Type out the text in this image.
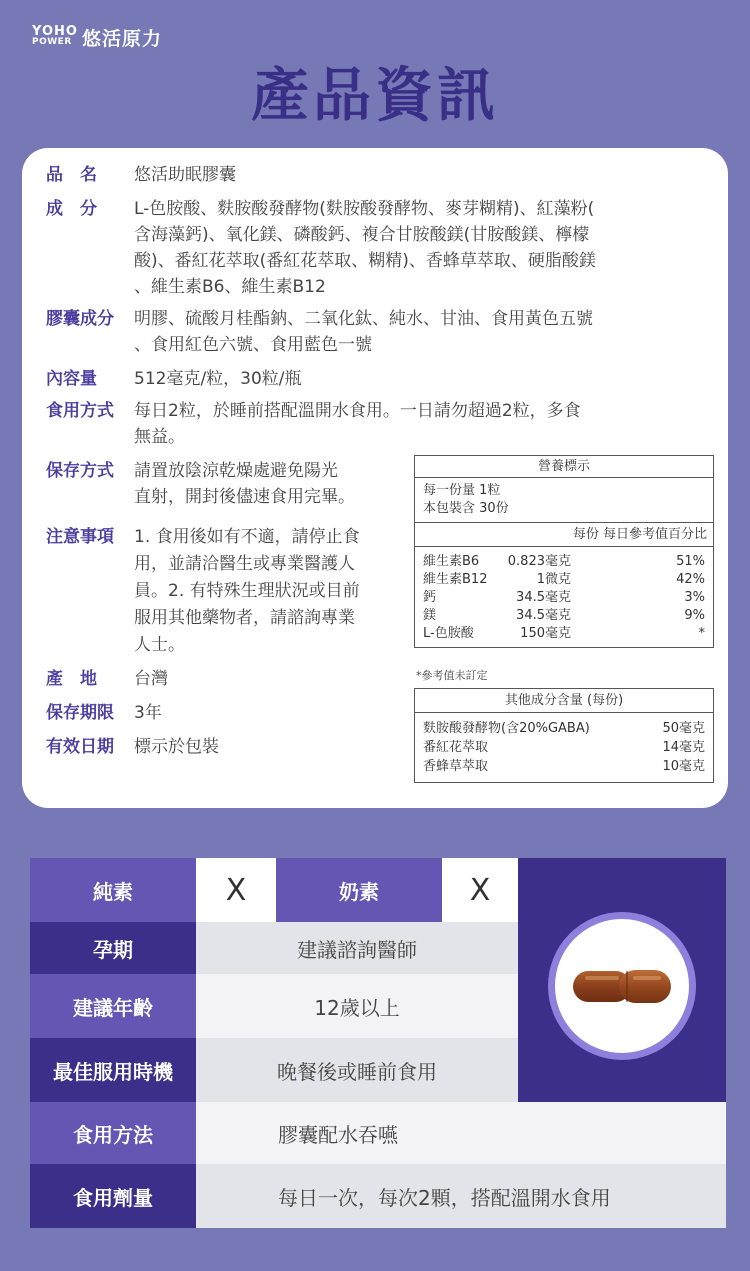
YOHO
POWER 悠活原力
產品資訊
品　名	悠活助眠膠囊
成　分	L-色胺酸、麩胺酸發酵物(麩胺酸發酵物、麥芽糊精)、紅藻粉(
含海藻鈣)、氧化鎂、磷酸鈣、複合甘胺酸鎂(甘胺酸鎂、檸檬
酸)、番紅花萃取(番紅花萃取、糊精)、香蜂草萃取、硬脂酸鎂
、維生素B6、維生素B12
膠囊成分	明膠、硫酸月桂酯鈉、二氧化鈦、純水、甘油、食用黃色五號
、食用紅色六號、食用藍色一號
內容量	512毫克/粒，30粒/瓶
食用方式	每日2粒，於睡前搭配溫開水食用。一日請勿超過2粒，多食
無益。
保存方式	請置放陰涼乾燥處避免陽光
直射，開封後儘速食用完畢。
注意事項	1. 食用後如有不適，請停止食
用，並請洽醫生或專業醫護人
員。2. 有特殊生理狀況或目前
服用其他藥物者，請諮詢專業
人士。
產　地	台灣
保存期限	3年
有效日期	標示於包裝
營養標示
每一份量 1粒
本包裝含 30份
每份 每日參考值百分比
維生素B6	0.823毫克	51%
維生素B12	1微克	42%
鈣	34.5毫克	3%
鎂	34.5毫克	9%
L-色胺酸	150毫克	*
*參考值未訂定
其他成分含量 (每份)
麩胺酸發酵物(含20%GABA)	50毫克
番紅花萃取	14毫克
香蜂草萃取	10毫克
純素	X	奶素	X
孕期	建議諮詢醫師
建議年齡	12歲以上
最佳服用時機	晚餐後或睡前食用
食用方法	膠囊配水吞嚥
食用劑量	每日一次，每次2顆，搭配溫開水食用
